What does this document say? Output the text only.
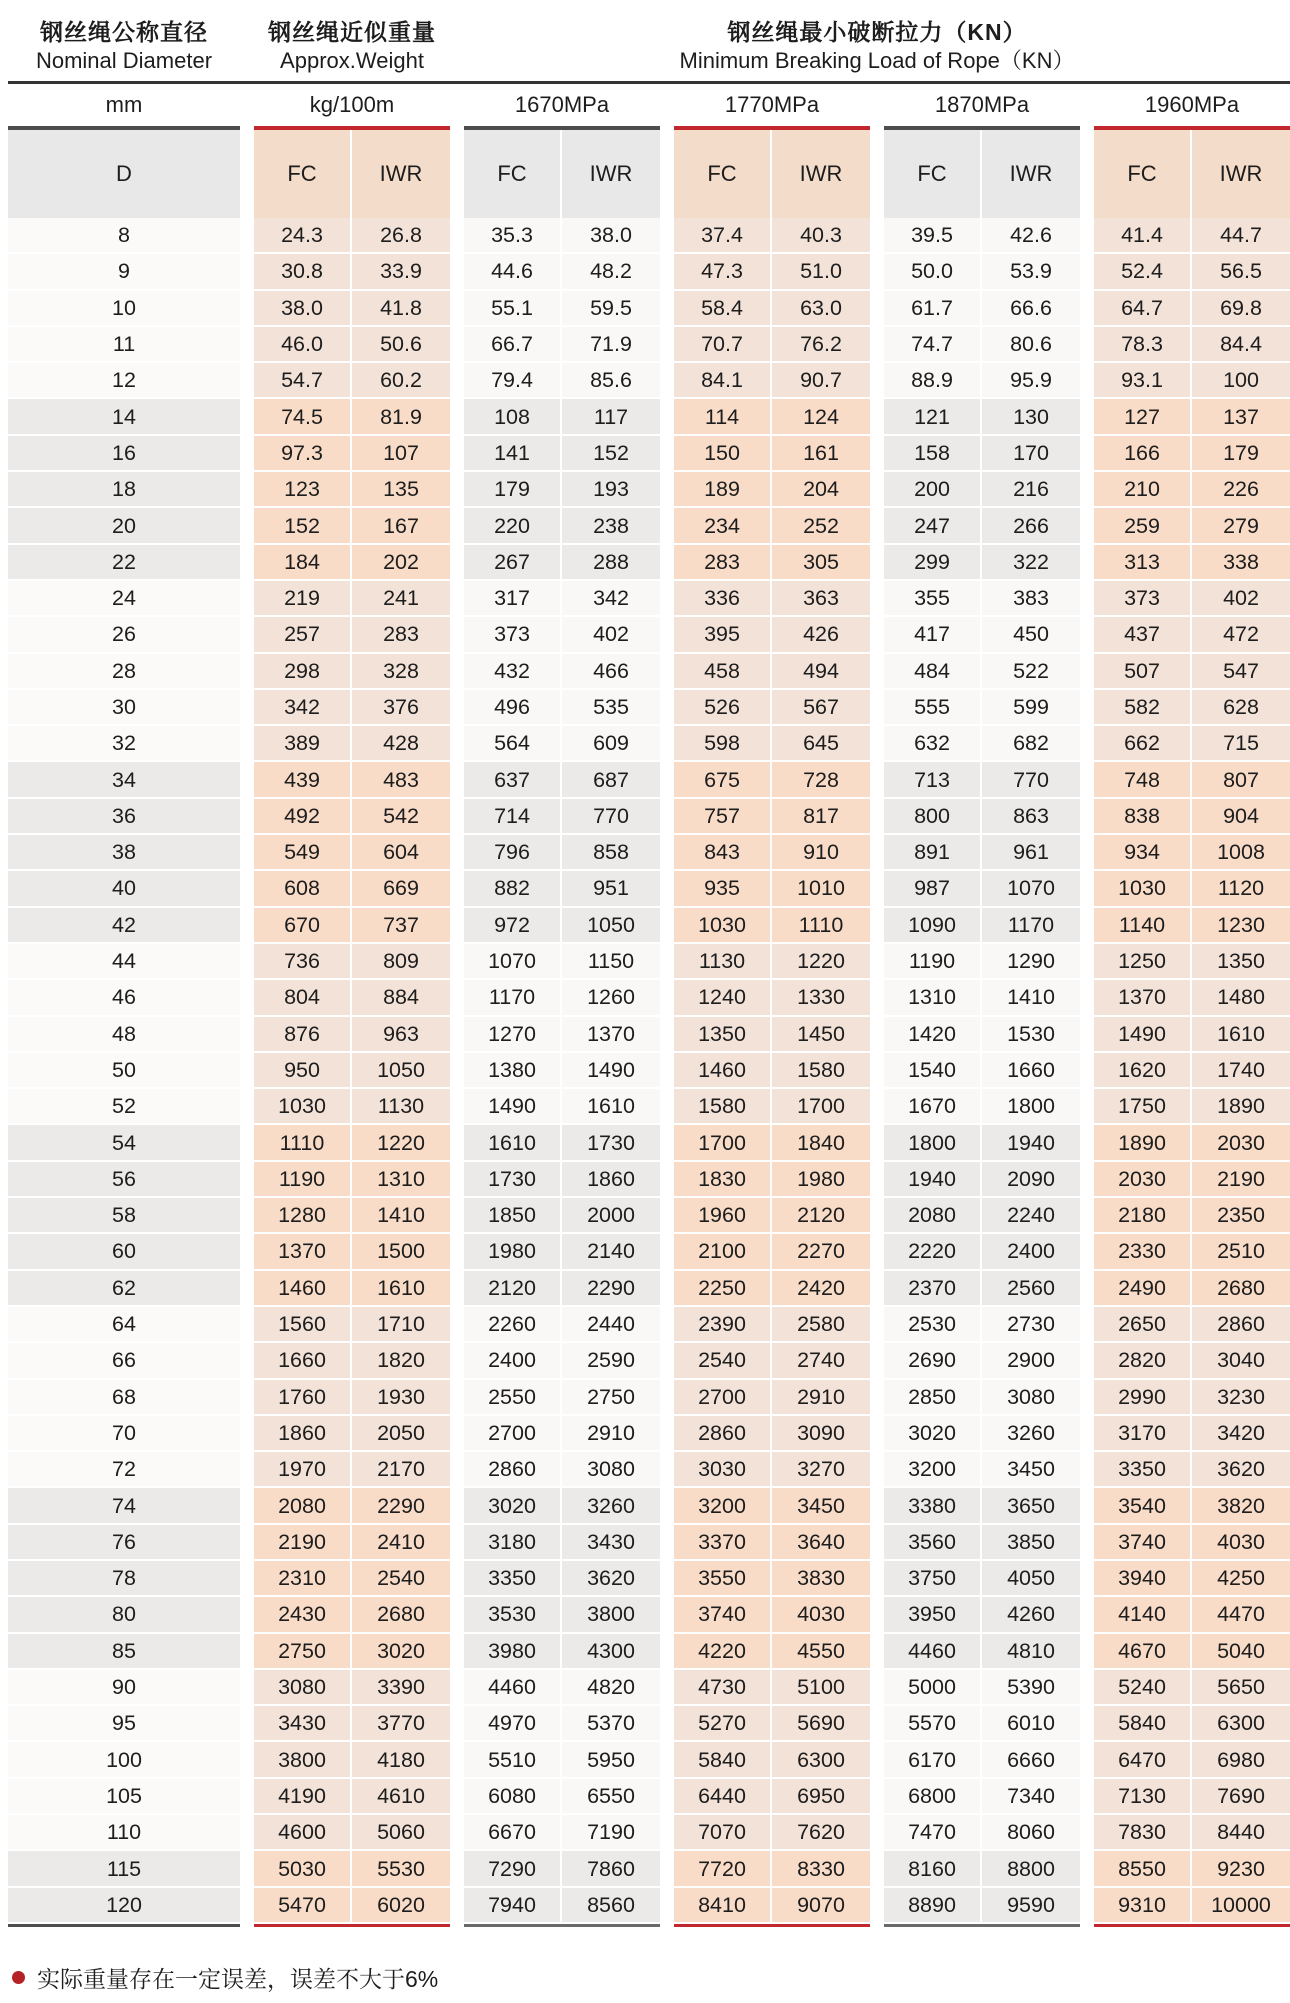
钢丝绳公称直径
Nominal Diameter
钢丝绳近似重量
Approx.Weight
钢丝绳最小破断拉力（KN）
Minimum Breaking Load of Rope（KN）
mm	kg/100m	1670MPa	1770MPa	1870MPa	1960MPa
D	FC	IWR	FC	IWR	FC	IWR	FC	IWR	FC	IWR
8	24.3	26.8	35.3	38.0	37.4	40.3	39.5	42.6	41.4	44.7
9	30.8	33.9	44.6	48.2	47.3	51.0	50.0	53.9	52.4	56.5
10	38.0	41.8	55.1	59.5	58.4	63.0	61.7	66.6	64.7	69.8
11	46.0	50.6	66.7	71.9	70.7	76.2	74.7	80.6	78.3	84.4
12	54.7	60.2	79.4	85.6	84.1	90.7	88.9	95.9	93.1	100
14	74.5	81.9	108	117	114	124	121	130	127	137
16	97.3	107	141	152	150	161	158	170	166	179
18	123	135	179	193	189	204	200	216	210	226
20	152	167	220	238	234	252	247	266	259	279
22	184	202	267	288	283	305	299	322	313	338
24	219	241	317	342	336	363	355	383	373	402
26	257	283	373	402	395	426	417	450	437	472
28	298	328	432	466	458	494	484	522	507	547
30	342	376	496	535	526	567	555	599	582	628
32	389	428	564	609	598	645	632	682	662	715
34	439	483	637	687	675	728	713	770	748	807
36	492	542	714	770	757	817	800	863	838	904
38	549	604	796	858	843	910	891	961	934	1008
40	608	669	882	951	935	1010	987	1070	1030	1120
42	670	737	972	1050	1030	1110	1090	1170	1140	1230
44	736	809	1070	1150	1130	1220	1190	1290	1250	1350
46	804	884	1170	1260	1240	1330	1310	1410	1370	1480
48	876	963	1270	1370	1350	1450	1420	1530	1490	1610
50	950	1050	1380	1490	1460	1580	1540	1660	1620	1740
52	1030	1130	1490	1610	1580	1700	1670	1800	1750	1890
54	1110	1220	1610	1730	1700	1840	1800	1940	1890	2030
56	1190	1310	1730	1860	1830	1980	1940	2090	2030	2190
58	1280	1410	1850	2000	1960	2120	2080	2240	2180	2350
60	1370	1500	1980	2140	2100	2270	2220	2400	2330	2510
62	1460	1610	2120	2290	2250	2420	2370	2560	2490	2680
64	1560	1710	2260	2440	2390	2580	2530	2730	2650	2860
66	1660	1820	2400	2590	2540	2740	2690	2900	2820	3040
68	1760	1930	2550	2750	2700	2910	2850	3080	2990	3230
70	1860	2050	2700	2910	2860	3090	3020	3260	3170	3420
72	1970	2170	2860	3080	3030	3270	3200	3450	3350	3620
74	2080	2290	3020	3260	3200	3450	3380	3650	3540	3820
76	2190	2410	3180	3430	3370	3640	3560	3850	3740	4030
78	2310	2540	3350	3620	3550	3830	3750	4050	3940	4250
80	2430	2680	3530	3800	3740	4030	3950	4260	4140	4470
85	2750	3020	3980	4300	4220	4550	4460	4810	4670	5040
90	3080	3390	4460	4820	4730	5100	5000	5390	5240	5650
95	3430	3770	4970	5370	5270	5690	5570	6010	5840	6300
100	3800	4180	5510	5950	5840	6300	6170	6660	6470	6980
105	4190	4610	6080	6550	6440	6950	6800	7340	7130	7690
110	4600	5060	6670	7190	7070	7620	7470	8060	7830	8440
115	5030	5530	7290	7860	7720	8330	8160	8800	8550	9230
120	5470	6020	7940	8560	8410	9070	8890	9590	9310	10000
实际重量存在一定误差，误差不大于6%
